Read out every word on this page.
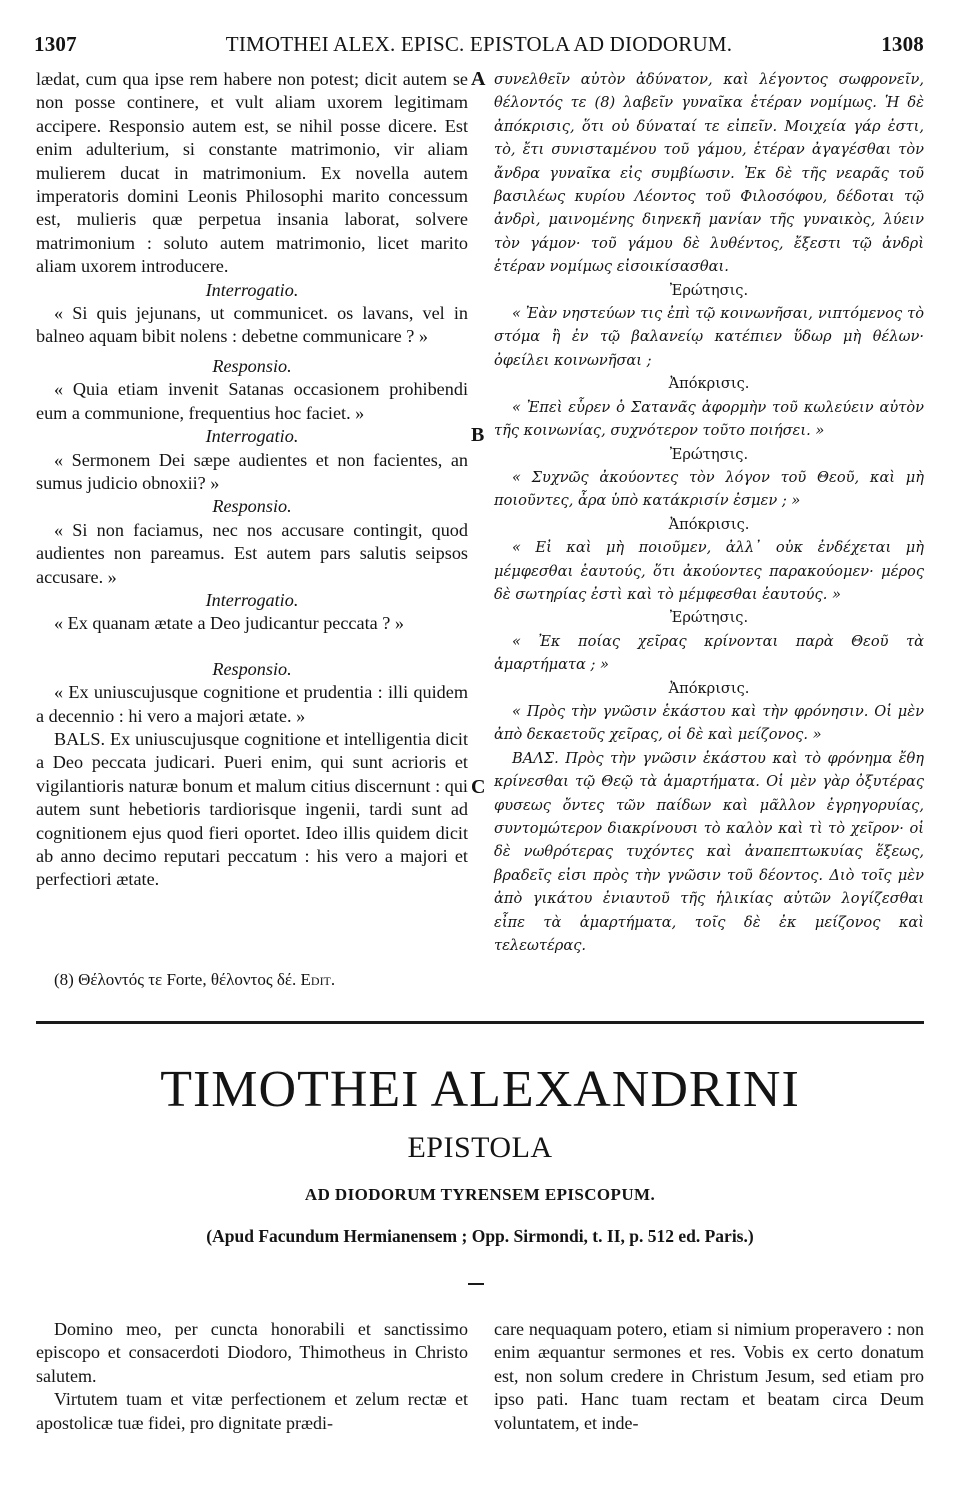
1307	TIMOTHEI ALEX. EPISC. EPISTOLA AD DIODORUM.	1308

lædat, cum qua ipse rem habere non potest; dicit autem se non posse continere, et vult aliam uxorem legitimam accipere. Responsio autem est, se nihil posse dicere. Est enim adulterium, si constante matrimonio, vir aliam mulierem ducat in matrimonium. Ex novella autem imperatoris domini Leonis Philosophi marito concessum est, mulieris quæ perpetua insania laborat, solvere matrimonium : soluto autem matrimonio, licet marito aliam uxorem introducere.

Interrogatio.

« Si quis jejunans, ut communicet. os lavans, vel in balneo aquam bibit nolens : debetne communicare ? »

Responsio.

« Quia etiam invenit Satanas occasionem prohibendi eum a communione, frequentius hoc faciet. »

Interrogatio.

« Sermonem Dei sæpe audientes et non facientes, an sumus judicio obnoxii? »

Responsio.

« Si non faciamus, nec nos accusare contingit, quod audientes non pareamus. Est autem pars salutis seipsos accusare. »

Interrogatio.

« Ex quanam ætate a Deo judicantur peccata ? »

Responsio.

« Ex uniuscujusque cognitione et prudentia : illi quidem a decennio : hi vero a majori ætate. »

BALS. Ex uniuscujusque cognitione et intelligentia dicit a Deo peccata judicari. Pueri enim, qui sunt acrioris et vigilantioris naturæ bonum et malum citius discernunt : qui autem sunt hebetioris tardiorisque ingenii, tardi sunt ad cognitionem ejus quod fieri oportet. Ideo illis quidem dicit ab anno decimo reputari peccatum : his vero a majori et perfectiori ætate.

A
B
C

συνελθεῖν αὐτὸν ἀδύνατον, καὶ λέγοντος σωφρονεῖν, θέλοντός τε (8) λαβεῖν γυναῖκα ἑτέραν νομίμως. Ἡ δὲ ἀπόκρισις, ὅτι οὐ δύναταί τε εἰπεῖν. Μοιχεία γάρ ἐστι, τὸ, ἔτι συνισταμένου τοῦ γάμου, ἑτέραν ἀγαγέσθαι τὸν ἄνδρα γυναῖκα εἰς συμβίωσιν. Ἐκ δὲ τῆς νεαρᾶς τοῦ βασιλέως κυρίου Λέοντος τοῦ Φιλοσόφου, δέδοται τῷ ἀνδρὶ, μαινομένης διηνεκῆ μανίαν τῆς γυναικὸς, λύειν τὸν γάμον· τοῦ γάμου δὲ λυθέντος, ἔξεστι τῷ ἀνδρὶ ἑτέραν νομίμως εἰσοικίσασθαι.

Ἐρώτησις.

« Ἐὰν νηστεύων τις ἐπὶ τῷ κοινωνῆσαι, νιπτόμενος τὸ στόμα ἢ ἐν τῷ βαλανείῳ κατέπιεν ὕδωρ μὴ θέλων· ὀφείλει κοινωνῆσαι ;

Ἀπόκρισις.

« Ἐπεὶ εὗρεν ὁ Σατανᾶς ἀφορμὴν τοῦ κωλεύειν αὐτὸν τῆς κοινωνίας, συχνότερον τοῦτο ποιήσει. »

Ἐρώτησις.

« Συχνῶς ἀκούοντες τὸν λόγον τοῦ Θεοῦ, καὶ μὴ ποιοῦντες, ἆρα ὑπὸ κατάκρισίν ἐσμεν ; »

Ἀπόκρισις.

« Εἰ καὶ μὴ ποιοῦμεν, ἀλλ᾽ οὐκ ἐνδέχεται μὴ μέμφεσθαι ἑαυτούς, ὅτι ἀκούοντες παρακούομεν· μέρος δὲ σωτηρίας ἐστὶ καὶ τὸ μέμφεσθαι ἑαυτούς. »

Ἐρώτησις.

« Ἐκ ποίας χεῖρας κρίνονται παρὰ Θεοῦ τὰ ἁμαρτήματα ; »

Ἀπόκρισις.

« Πρὸς τὴν γνῶσιν ἑκάστου καὶ τὴν φρόνησιν. Οἱ μὲν ἀπὸ δεκαετοῦς χεῖρας, οἱ δὲ καὶ μείζονος. »

ΒΑΛΣ. Πρὸς τὴν γνῶσιν ἑκάστου καὶ τὸ φρόνημα ἔθη κρίνεσθαι τῷ Θεῷ τὰ ἁμαρτήματα. Οἱ μὲν γὰρ ὀξυτέρας φυσεως ὄντες τῶν παίδων καὶ μᾶλλον ἐγρηγορυίας, συντομώτερον διακρίνουσι τὸ καλὸν καὶ τὶ τὸ χεῖρον· οἱ δὲ νωθρότερας τυχόντες καὶ ἀναπεπτωκυίας ἕξεως, βραδεῖς εἰσι πρὸς τὴν γνῶσιν τοῦ δέοντος. Διὸ τοῖς μὲν ἀπὸ γικάτου ἐνιαυτοῦ τῆς ἡλικίας αὐτῶν λογίζεσθαι εἶπε τὰ ἁμαρτήματα, τοῖς δὲ ἐκ μείζονος καὶ τελεωτέρας.

(8) Θέλοντός τε Forte, θέλοντος δέ. Edit.
TIMOTHEI ALEXANDRINI
EPISTOLA
AD DIODORUM TYRENSEM EPISCOPUM.
(Apud Facundum Hermianensem ; Opp. Sirmondi, t. II, p. 512 ed. Paris.)

Domino meo, per cuncta honorabili et sanctissimo episcopo et consacerdoti Diodoro, Thimotheus in Christo salutem.

Virtutem tuam et vitæ perfectionem et zelum rectæ et apostolicæ tuæ fidei, pro dignitate prædi-

care nequaquam potero, etiam si nimium properavero : non enim æquantur sermones et res. Vobis ex certo donatum est, non solum credere in Christum Jesum, sed etiam pro ipso pati. Hanc tuam rectam et beatam circa Deum voluntatem, et inde-
